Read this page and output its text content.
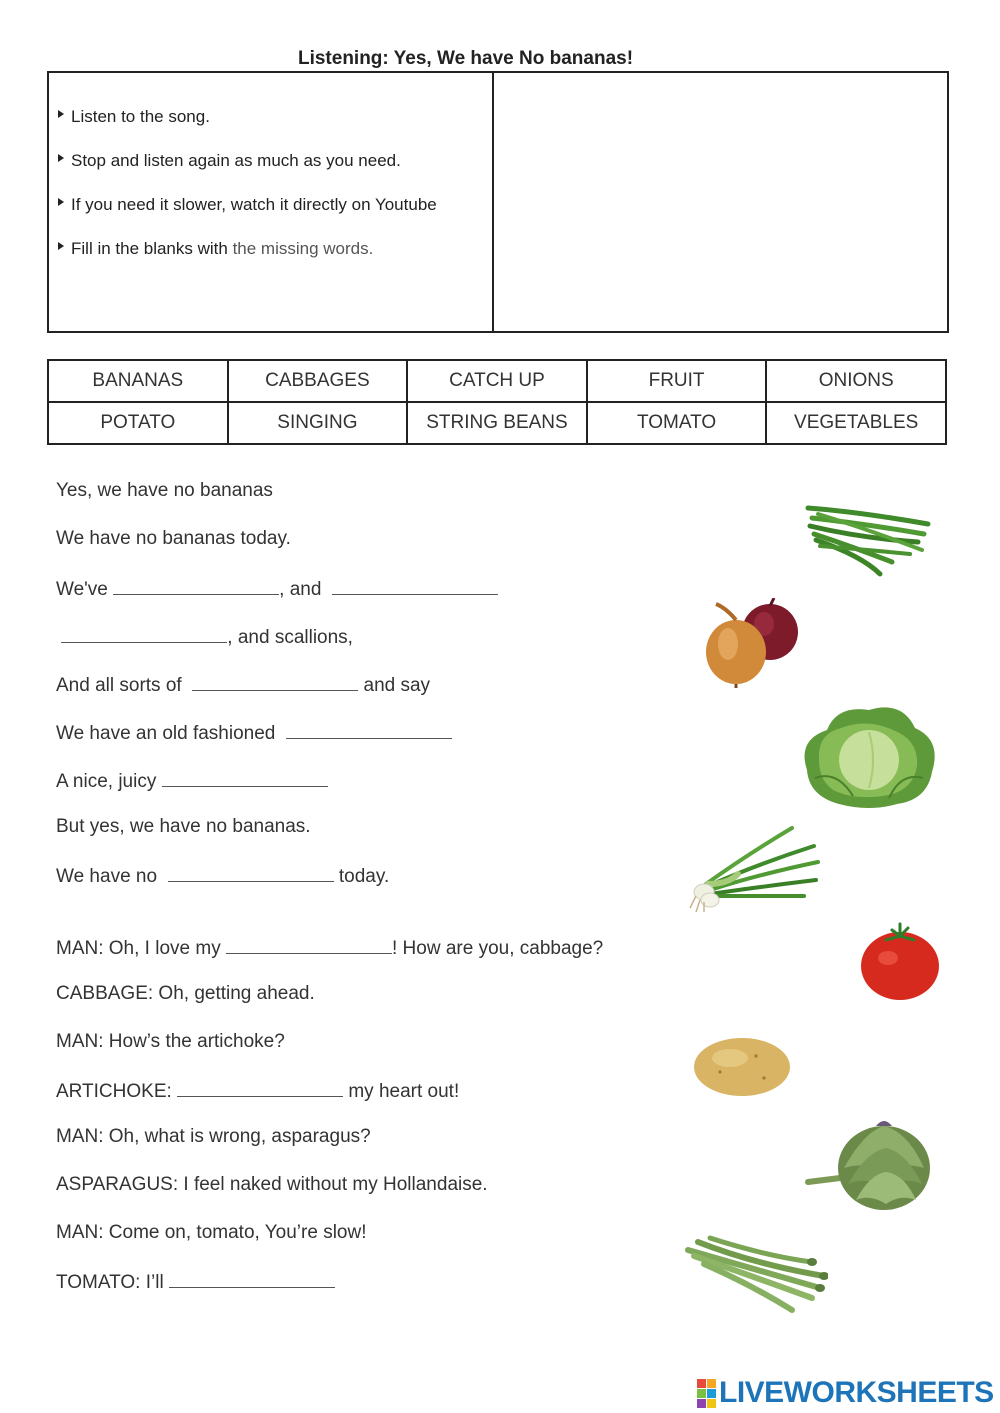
Listening: Yes, We have No bananas!
Listen to the song.
Stop and listen again as much as you need.
If you need it slower, watch it directly on Youtube
Fill in the blanks with the missing words.
BANANAS	CABBAGES	CATCH UP	FRUIT	ONIONS
POTATO	SINGING	STRING BEANS	TOMATO	VEGETABLES
Yes, we have no bananas
We have no bananas today.
We've	, and
, and scallions,
And all sorts of	and say
We have an old fashioned
A nice, juicy
But yes, we have no bananas.
We have no	today.
MAN: Oh, I love my	! How are you, cabbage?
CABBAGE: Oh, getting ahead.
MAN: How’s the artichoke?
ARTICHOKE:	my heart out!
MAN: Oh, what is wrong, asparagus?
ASPARAGUS: I feel naked without my Hollandaise.
MAN: Come on, tomato, You’re slow!
TOMATO: I’ll
LIVEWORKSHEETS
